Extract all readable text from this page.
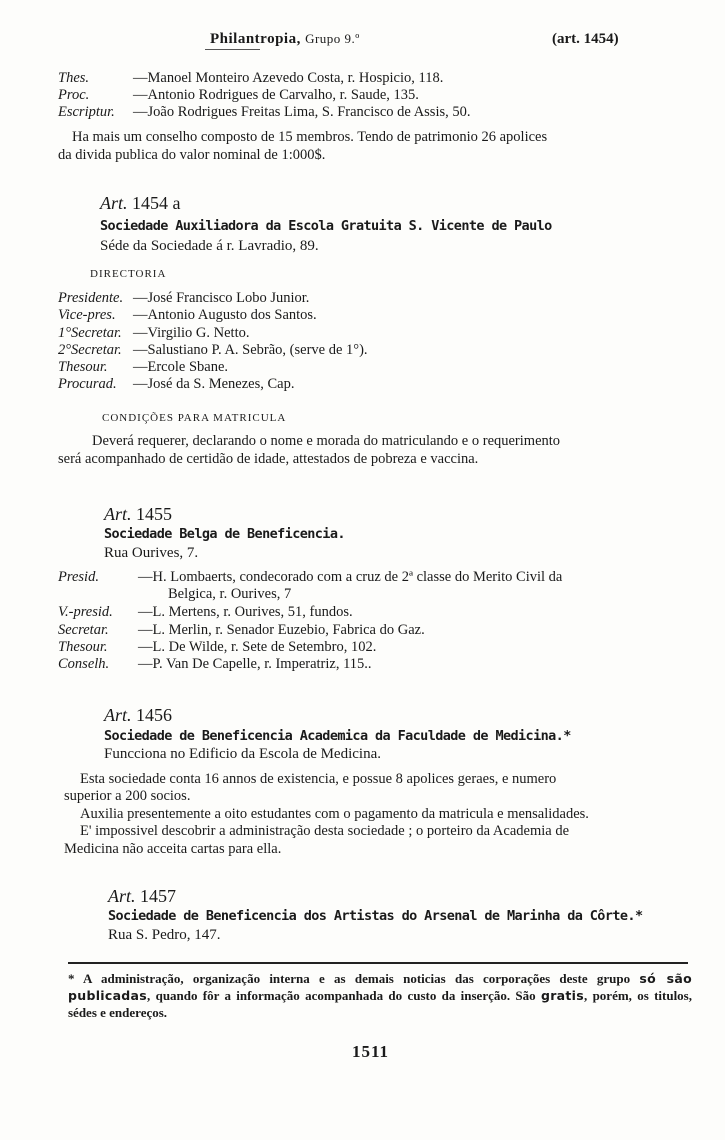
Philantropia, Grupo 9.º	(art. 1454)
Thes.	—Manoel Monteiro Azevedo Costa, r. Hospicio, 118.
Proc.	—Antonio Rodrigues de Carvalho, r. Saude, 135.
Escriptur. —João Rodrigues Freitas Lima, S. Francisco de Assis, 50.
Ha mais um conselho composto de 15 membros. Tendo de patrimonio 26 apolices
da divida publica do valor nominal de 1:000$.
Art. 1454 a
Sociedade Auxiliadora da Escola Gratuita S. Vicente de Paulo
Séde da Sociedade á r. Lavradio, 89.
DIRECTORIA
Presidente. —José Francisco Lobo Junior.
Vice-pres. —Antonio Augusto dos Santos.
1°Secretar. —Virgilio G. Netto.
2°Secretar. —Salustiano P. A. Sebrão, (serve de 1°).
Thesour. —Ercole Sbane.
Procurad. —José da S. Menezes, Cap.
CONDIÇÕES PARA MATRICULA
Deverá requerer, declarando o nome e morada do matriculando e o requerimento
será acompanhado de certidão de idade, attestados de pobreza e vaccina.
Art. 1455
Sociedade Belga de Beneficencia.
Rua Ourives, 7.
Presid.	—H. Lombaerts, condecorado com a cruz de 2ª classe do Merito Civil da
Belgica, r. Ourives, 7
V.-presid. —L. Mertens, r. Ourives, 51, fundos.
Secretar. —L. Merlin, r. Senador Euzebio, Fabrica do Gaz.
Thesour. —L. De Wilde, r. Sete de Setembro, 102.
Conselh. —P. Van De Capelle, r. Imperatriz, 115..
Art. 1456
Sociedade de Beneficencia Academica da Faculdade de Medicina.*
Funcciona no Edificio da Escola de Medicina.
Esta sociedade conta 16 annos de existencia, e possue 8 apolices geraes, e numero
superior a 200 socios.
Auxilia presentemente a oito estudantes com o pagamento da matricula e mensalidades.
E' impossivel descobrir a administração desta sociedade ; o porteiro da Academia de
Medicina não acceita cartas para ella.
Art. 1457
Sociedade de Beneficencia dos Artistas do Arsenal de Marinha da Côrte.*
Rua S. Pedro, 147.
* A administração, organização interna e as demais noticias das corporações deste grupo só são publicadas, quando fôr a informação acompanhada do custo da inserção. São gratis, porém, os titulos, sédes e endereços.
1511
